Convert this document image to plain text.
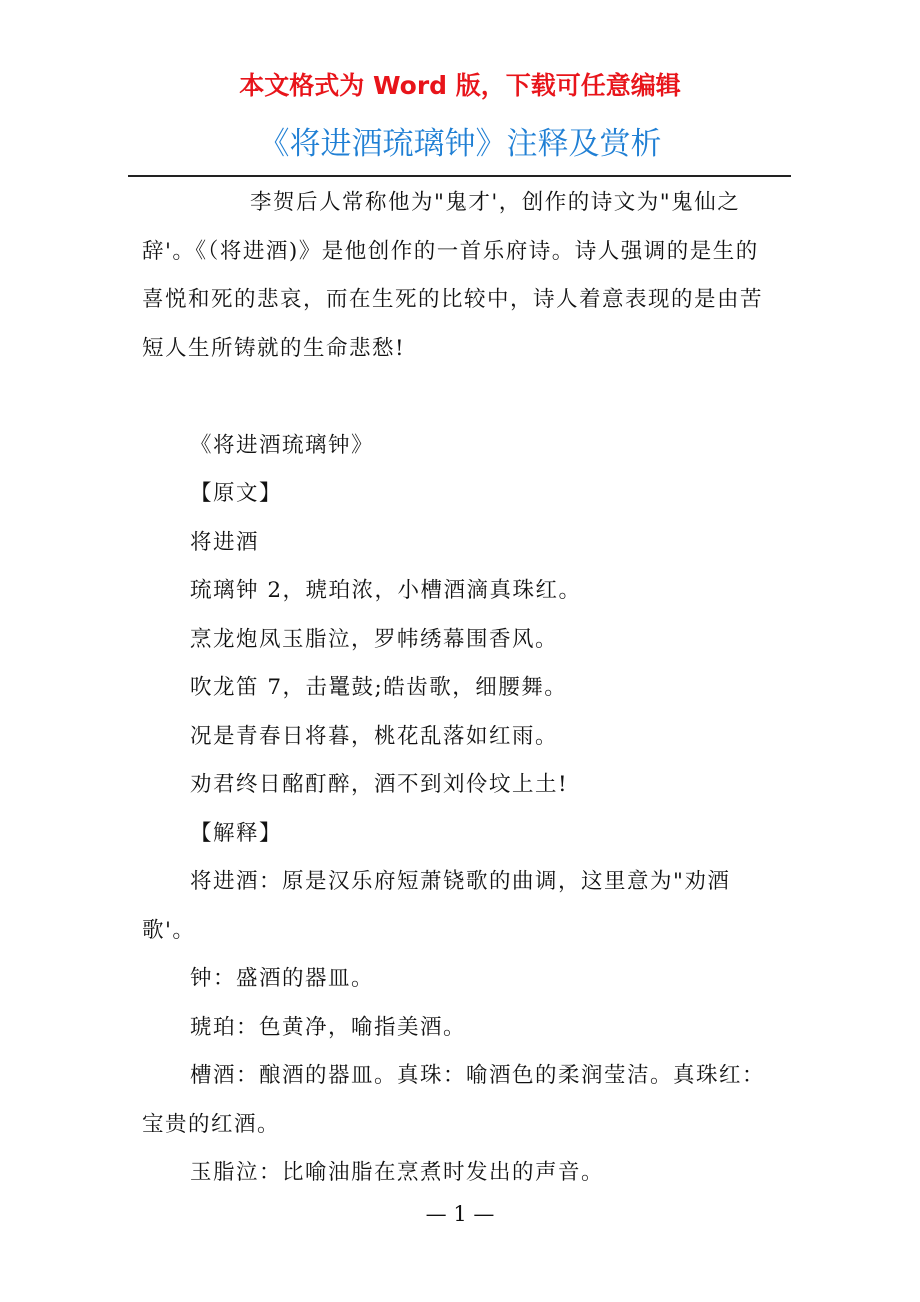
本文格式为 Word 版，下载可任意编辑
《将进酒琉璃钟》注释及赏析

李贺后人常称他为"鬼才'，创作的诗文为"鬼仙之辞'。《（将进酒)》是他创作的一首乐府诗。诗人强调的是生的喜悦和死的悲哀，而在生死的比较中，诗人着意表现的是由苦短人生所铸就的生命悲愁!

《将进酒琉璃钟》

【原文】

将进酒

琉璃钟 2，琥珀浓，小槽酒滴真珠红。

烹龙炮凤玉脂泣，罗帏绣幕围香风。

吹龙笛 7，击鼍鼓;皓齿歌，细腰舞。

况是青春日将暮，桃花乱落如红雨。

劝君终日酩酊醉，酒不到刘伶坟上土!

【解释】

将进酒：原是汉乐府短萧铙歌的曲调，这里意为"劝酒歌'。

钟：盛酒的器皿。

琥珀：色黄净，喻指美酒。

槽酒：酿酒的器皿。真珠：喻酒色的柔润莹洁。真珠红：宝贵的红酒。

玉脂泣：比喻油脂在烹煮时发出的声音。

— 1 —
